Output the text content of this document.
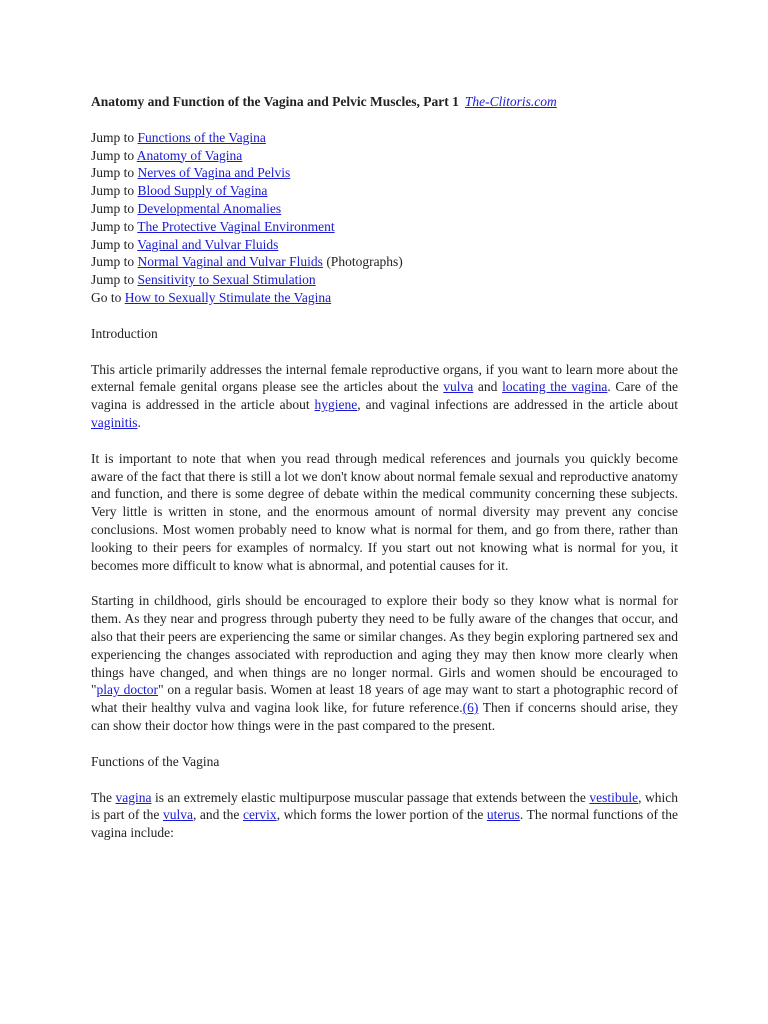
Anatomy and Function of the Vagina and Pelvic Muscles, Part 1 The-Clitoris.com
Jump to Functions of the Vagina
Jump to Anatomy of Vagina
Jump to Nerves of Vagina and Pelvis
Jump to Blood Supply of Vagina
Jump to Developmental Anomalies
Jump to The Protective Vaginal Environment
Jump to Vaginal and Vulvar Fluids
Jump to Normal Vaginal and Vulvar Fluids (Photographs)
Jump to Sensitivity to Sexual Stimulation
Go to How to Sexually Stimulate the Vagina
Introduction

This article primarily addresses the internal female reproductive organs, if you want to learn more about the external female genital organs please see the articles about the vulva and locating the vagina. Care of the vagina is addressed in the article about hygiene, and vaginal infections are addressed in the article about vaginitis.

It is important to note that when you read through medical references and journals you quickly become aware of the fact that there is still a lot we don't know about normal female sexual and reproductive anatomy and function, and there is some degree of debate within the medical community concerning these subjects. Very little is written in stone, and the enormous amount of normal diversity may prevent any concise conclusions. Most women probably need to know what is normal for them, and go from there, rather than looking to their peers for examples of normalcy. If you start out not knowing what is normal for you, it becomes more difficult to know what is abnormal, and potential causes for it.

Starting in childhood, girls should be encouraged to explore their body so they know what is normal for them. As they near and progress through puberty they need to be fully aware of the changes that occur, and also that their peers are experiencing the same or similar changes. As they begin exploring partnered sex and experiencing the changes associated with reproduction and aging they may then know more clearly when things have changed, and when things are no longer normal. Girls and women should be encouraged to "play doctor" on a regular basis. Women at least 18 years of age may want to start a photographic record of what their healthy vulva and vagina look like, for future reference.(6) Then if concerns should arise, they can show their doctor how things were in the past compared to the present.

Functions of the Vagina

The vagina is an extremely elastic multipurpose muscular passage that extends between the vestibule, which is part of the vulva, and the cervix, which forms the lower portion of the uterus. The normal functions of the vagina include:
